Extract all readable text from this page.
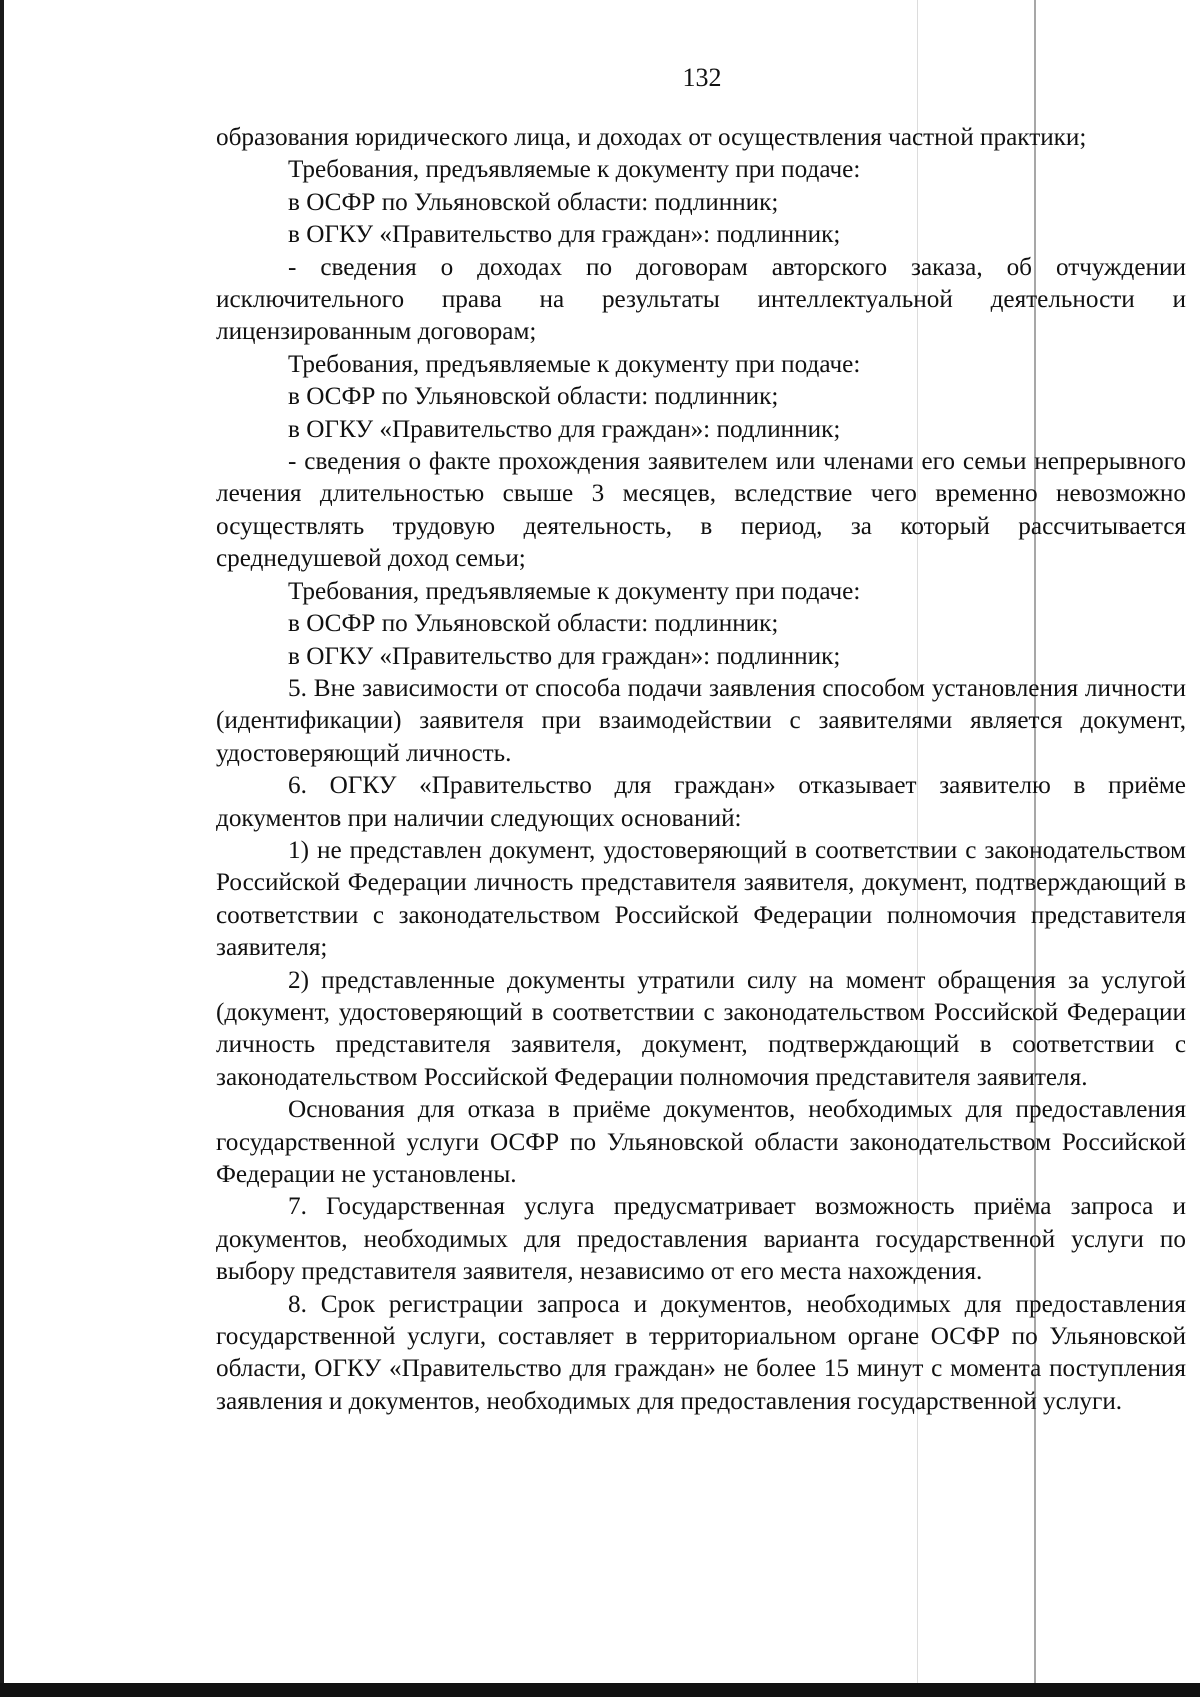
132

образования юридического лица, и доходах от осуществления частной практики;

Требования, предъявляемые к документу при подаче:

в ОСФР по Ульяновской области: подлинник;

в ОГКУ «Правительство для граждан»: подлинник;

- сведения о доходах по договорам авторского заказа, об отчуждении исключительного права на результаты интеллектуальной деятельности и лицензированным договорам;

Требования, предъявляемые к документу при подаче:

в ОСФР по Ульяновской области: подлинник;

в ОГКУ «Правительство для граждан»: подлинник;

- сведения о факте прохождения заявителем или членами его семьи непрерывного лечения длительностью свыше 3 месяцев, вследствие чего временно невозможно осуществлять трудовую деятельность, в период, за который рассчитывается среднедушевой доход семьи;

Требования, предъявляемые к документу при подаче:

в ОСФР по Ульяновской области: подлинник;

в ОГКУ «Правительство для граждан»: подлинник;

5. Вне зависимости от способа подачи заявления способом установления личности (идентификации) заявителя при взаимодействии с заявителями является документ, удостоверяющий личность.

6. ОГКУ «Правительство для граждан» отказывает заявителю в приёме документов при наличии следующих оснований:

1) не представлен документ, удостоверяющий в соответствии с законодательством Российской Федерации личность представителя заявителя, документ, подтверждающий в соответствии с законодательством Российской Федерации полномочия представителя заявителя;

2) представленные документы утратили силу на момент обращения за услугой (документ, удостоверяющий в соответствии с законодательством Российской Федерации личность представителя заявителя, документ, подтверждающий в соответствии с законодательством Российской Федерации полномочия представителя заявителя.

Основания для отказа в приёме документов, необходимых для предоставления государственной услуги ОСФР по Ульяновской области законодательством Российской Федерации не установлены.

7. Государственная услуга предусматривает возможность приёма запроса и документов, необходимых для предоставления варианта государственной услуги по выбору представителя заявителя, независимо от его места нахождения.

8. Срок регистрации запроса и документов, необходимых для предоставления государственной услуги, составляет в территориальном органе ОСФР по Ульяновской области, ОГКУ «Правительство для граждан» не более 15 минут с момента поступления заявления и документов, необходимых для предоставления государственной услуги.
